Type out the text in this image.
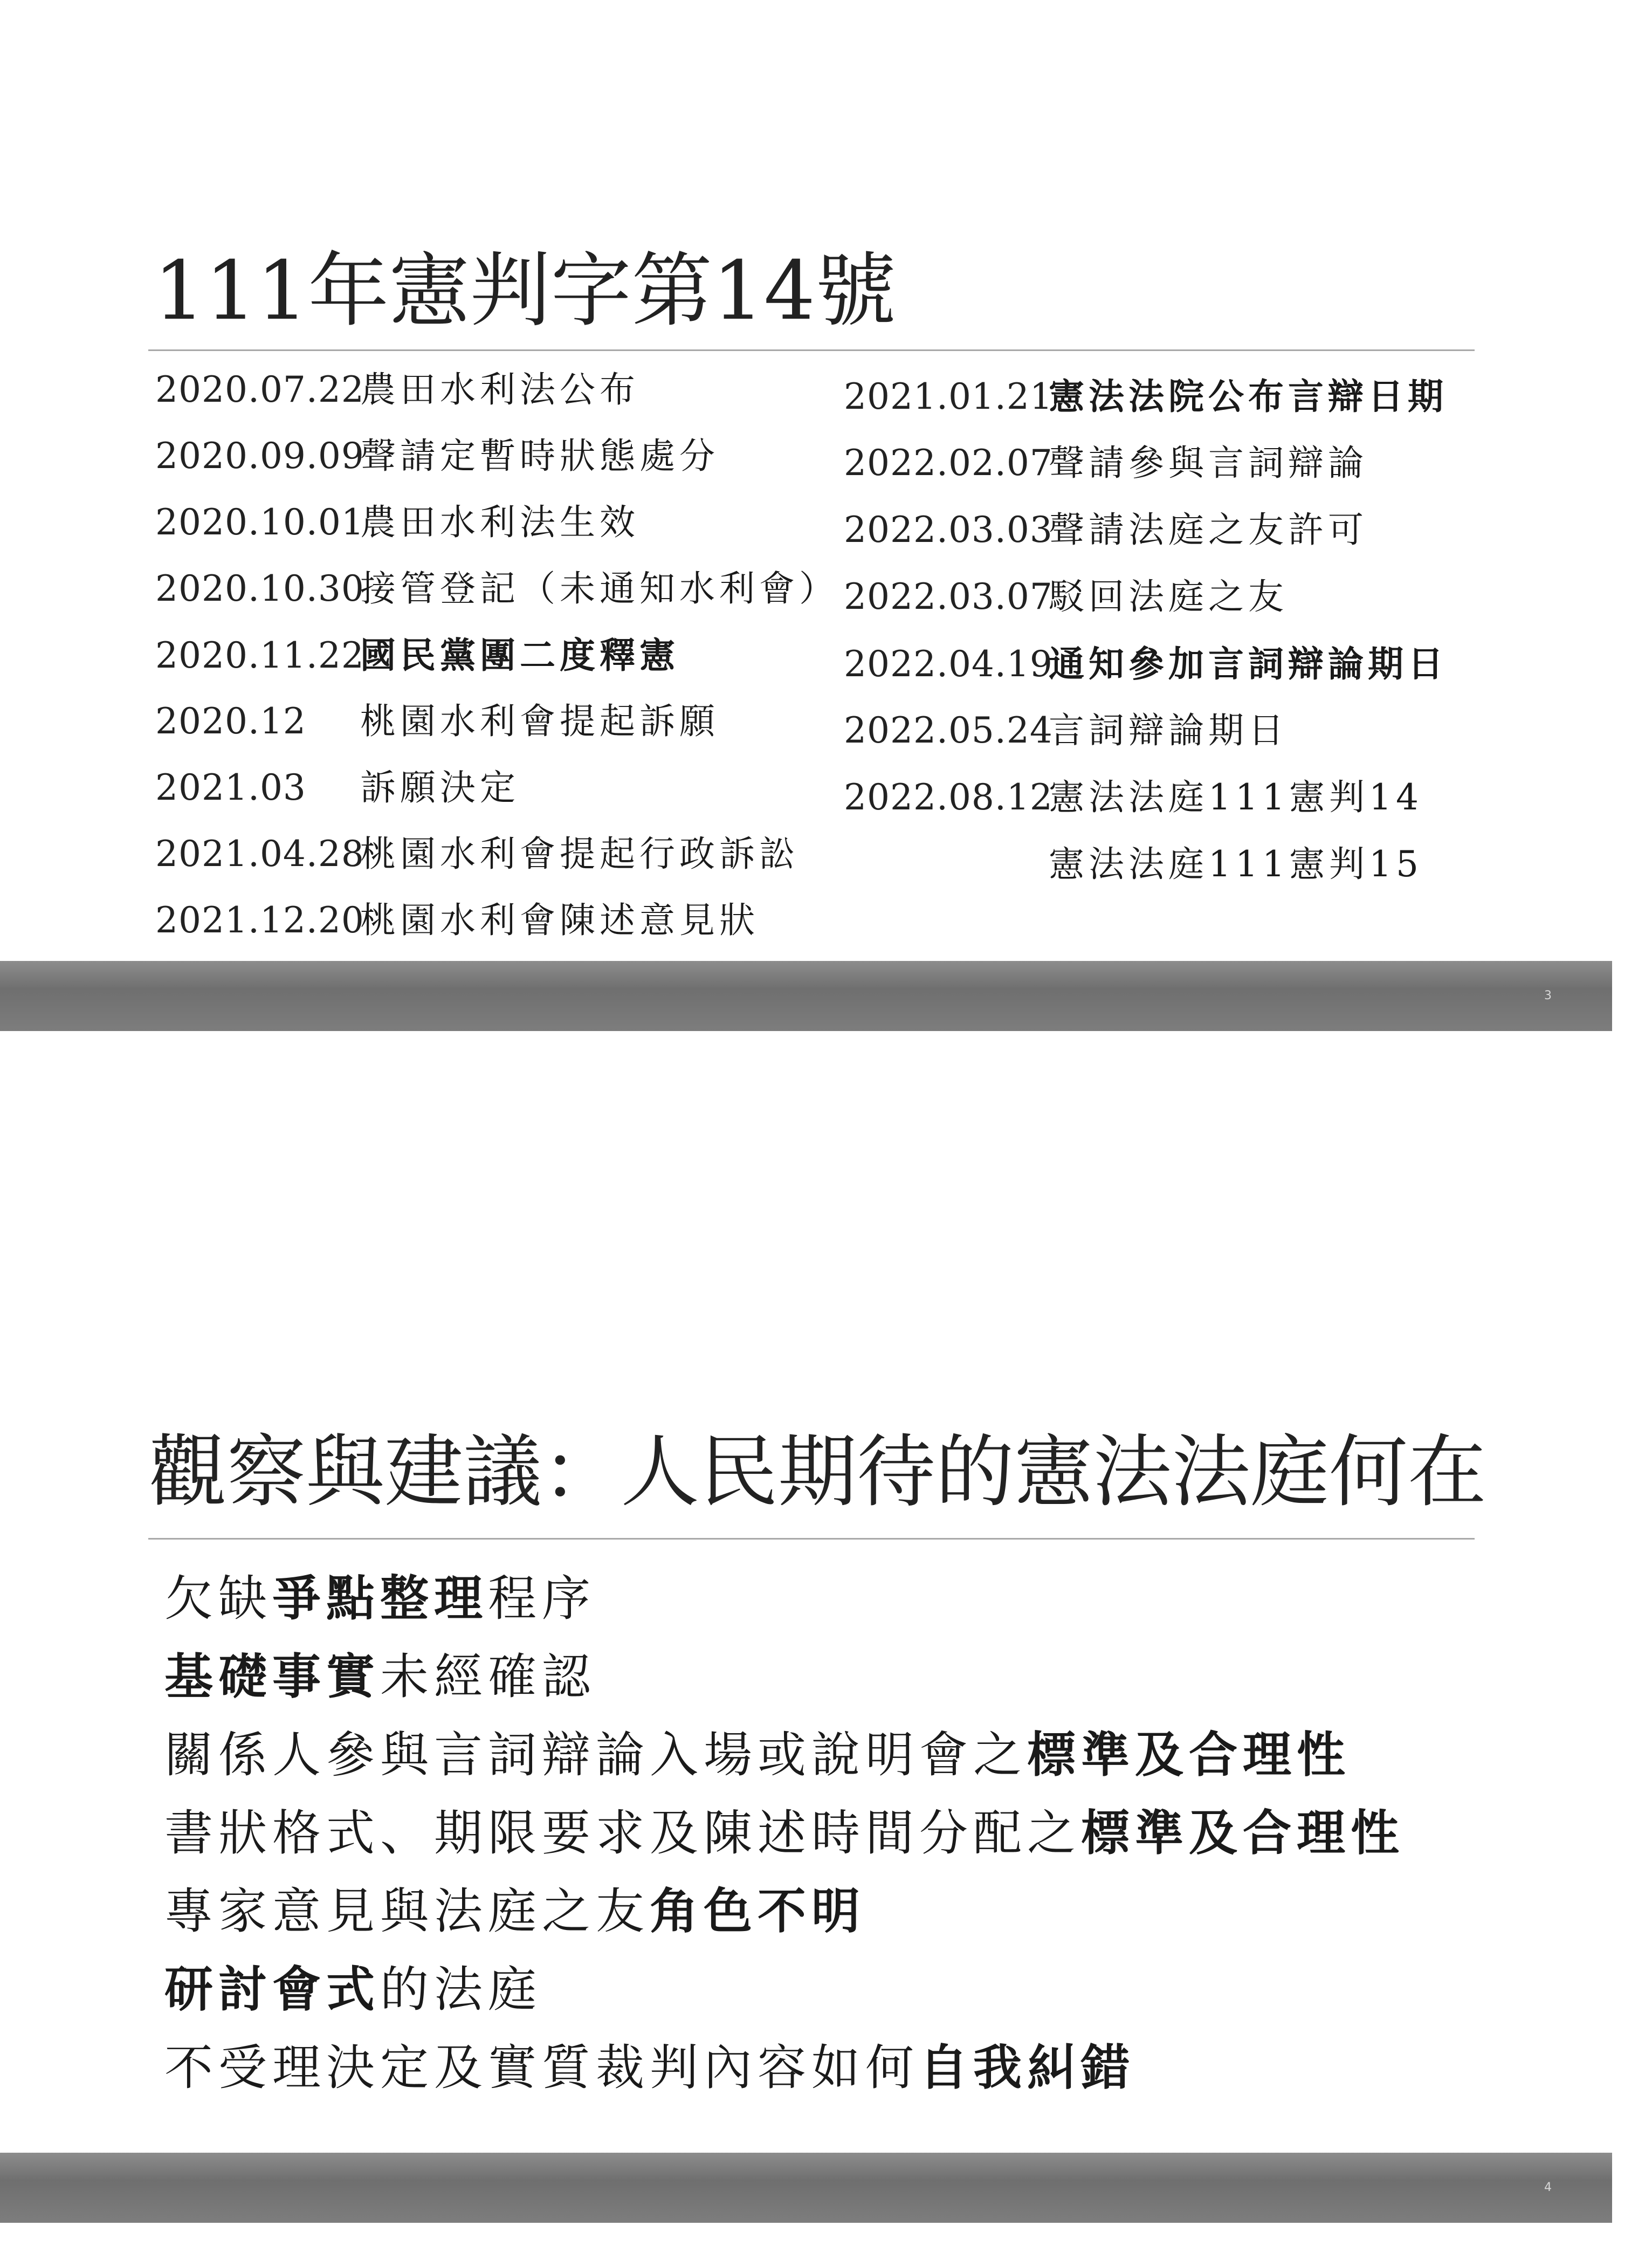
111年憲判字第14號
2020.07.22農田水利法公布
2020.09.09聲請定暫時狀態處分
2020.10.01農田水利法生效
2020.10.30接管登記（未通知水利會）
2020.11.22國民黨團二度釋憲
2020.12 桃園水利會提起訴願
2021.03 訴願決定
2021.04.28桃園水利會提起行政訴訟
2021.12.20桃園水利會陳述意見狀
2021.01.21憲法法院公布言辯日期
2022.02.07聲請參與言詞辯論
2022.03.03聲請法庭之友許可
2022.03.07駁回法庭之友
2022.04.19通知參加言詞辯論期日
2022.05.24言詞辯論期日
2022.08.12憲法法庭111憲判14
憲法法庭111憲判15
3
觀察與建議：人民期待的憲法法庭何在
欠缺爭點整理程序
基礎事實未經確認
關係人參與言詞辯論入場或說明會之標準及合理性
書狀格式、期限要求及陳述時間分配之標準及合理性
專家意見與法庭之友角色不明
研討會式的法庭
不受理決定及實質裁判內容如何自我糾錯
4
